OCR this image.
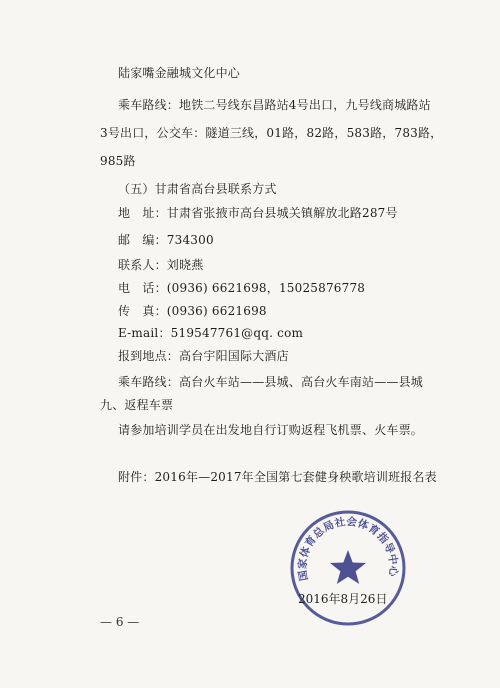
陆家嘴金融城文化中心
乘车路线：地铁二号线东昌路站4号出口，九号线商城路站
3号出口，公交车：隧道三线，01路，82路，583路，783路，
985路
（五）甘肃省高台县联系方式
地　址：甘肃省张掖市高台县城关镇解放北路287号
邮　编：734300
联系人：刘晓燕
电　话：(0936) 6621698，15025876778
传　真：(0936) 6621698
E-mail：519547761@qq. com
报到地点：高台宇阳国际大酒店
乘车路线：高台火车站——县城、高台火车南站——县城
九、返程车票
请参加培训学员在出发地自行订购返程飞机票、火车票。
附件：2016年—2017年全国第七套健身秧歌培训班报名表
国家体育总局社会体育指导中心
2016年8月26日
— 6 —
